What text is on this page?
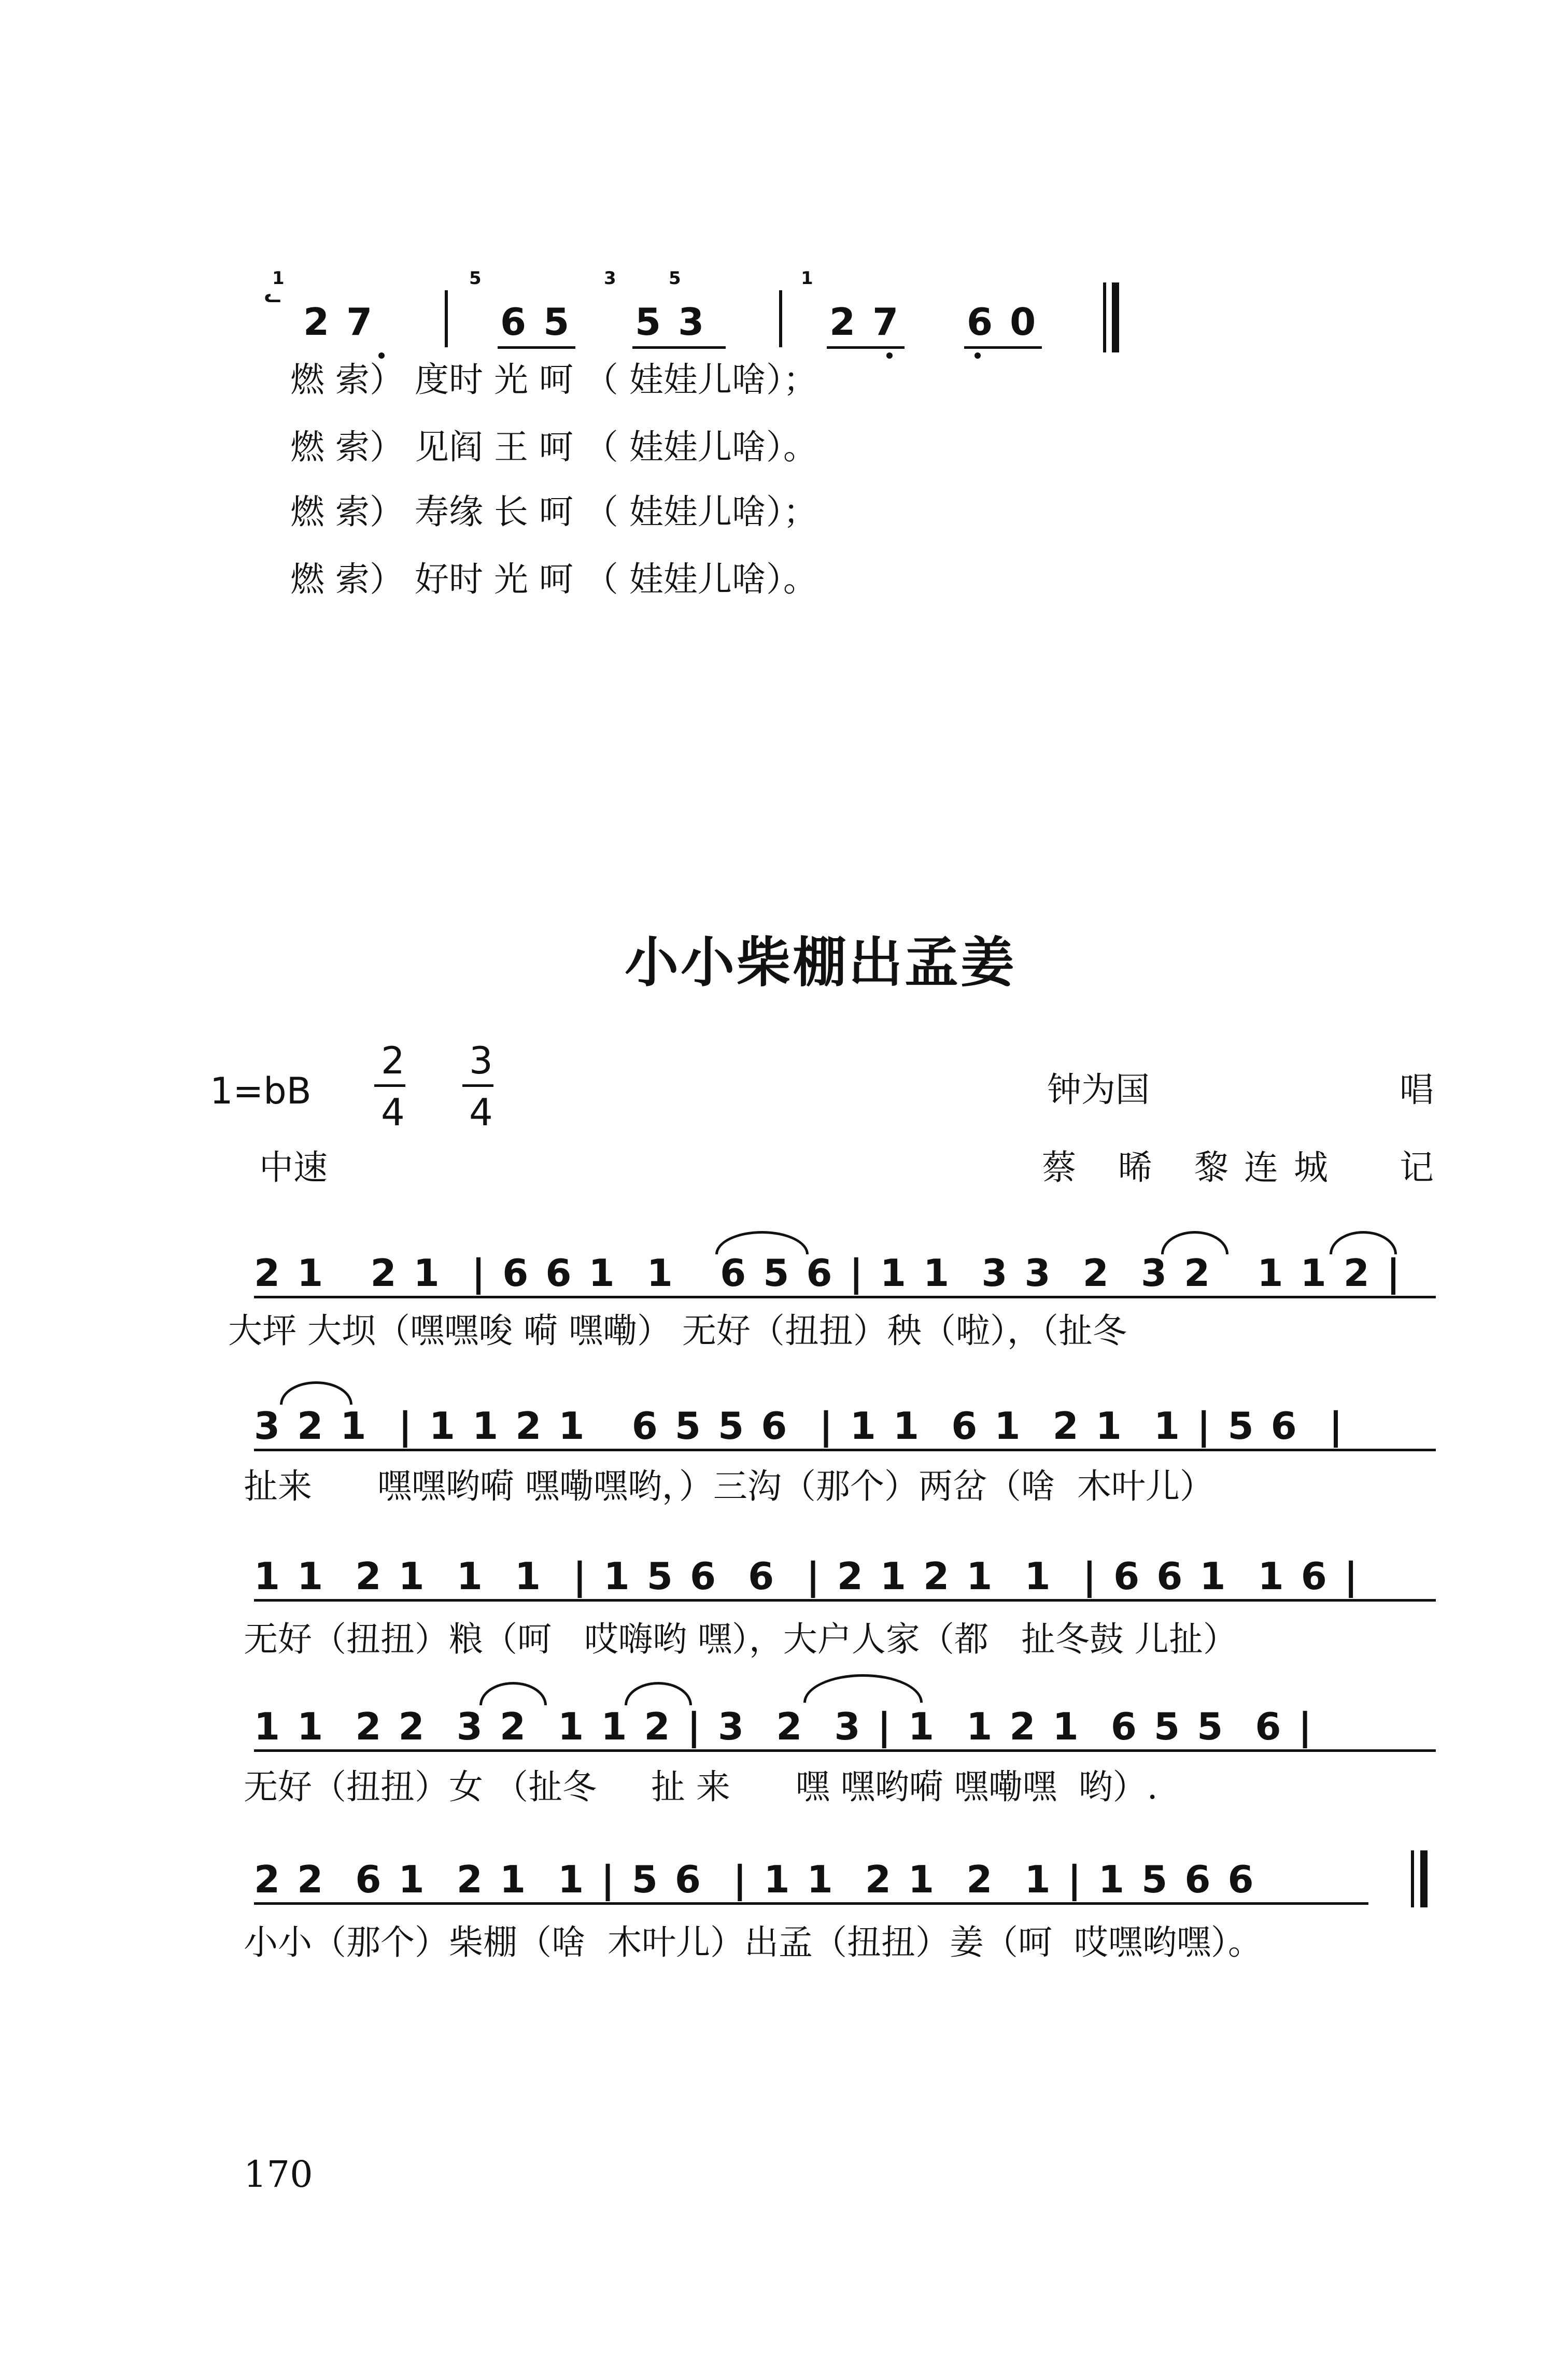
1
ᓚ
2 7
5
6 5
3	5
5 3
1
2 7 6 0
燃 索） 度时 光 呵 （ 娃娃儿啥）；
燃 索） 见阎 王 呵 （ 娃娃儿啥）。
燃 索） 寿缘 长 呵 （ 娃娃儿啥）；
燃 索） 好时 光 呵 （ 娃娃儿啥）。
小小柴棚出孟姜
1=bB
2
4
3
4
钟为国	唱
中速	蔡 晞 黎连城 记
2 1   2 1  | 6 6 1  1   6 5 6 | 1 1  3 3  2  3 2   1 1 2 |
大坪 大坝（嘿嘿唆 嗬 嘿嘞） 无好（扭扭）秧（啦），（扯冬
3 2 1  | 1 1 2 1   6 5 5 6  | 1 1  6 1  2 1  1 | 5 6  |
扯来      嘿嘿哟嗬 嘿嘞嘿哟，）三沟（那个）两岔（啥  木叶儿）
1 1  2 1  1  1  | 1 5 6  6  | 2 1 2 1  1  | 6 6 1  1 6 |
无好（扭扭）粮（呵   哎嗨哟 嘿），大户人家（都   扯冬鼓 儿扯）
1 1  2 2  3 2  1 1 2 | 3  2  3 | 1  1 2 1  6 5 5  6 |
无好（扭扭）女 （扯冬     扯 来      嘿 嘿哟嗬 嘿嘞嘿  哟）.
2 2  6 1  2 1  1 | 5 6  | 1 1  2 1  2  1 | 1 5 6 6
小小（那个）柴棚（啥  木叶儿）出孟（扭扭）姜（呵  哎嘿哟嘿）。
170
